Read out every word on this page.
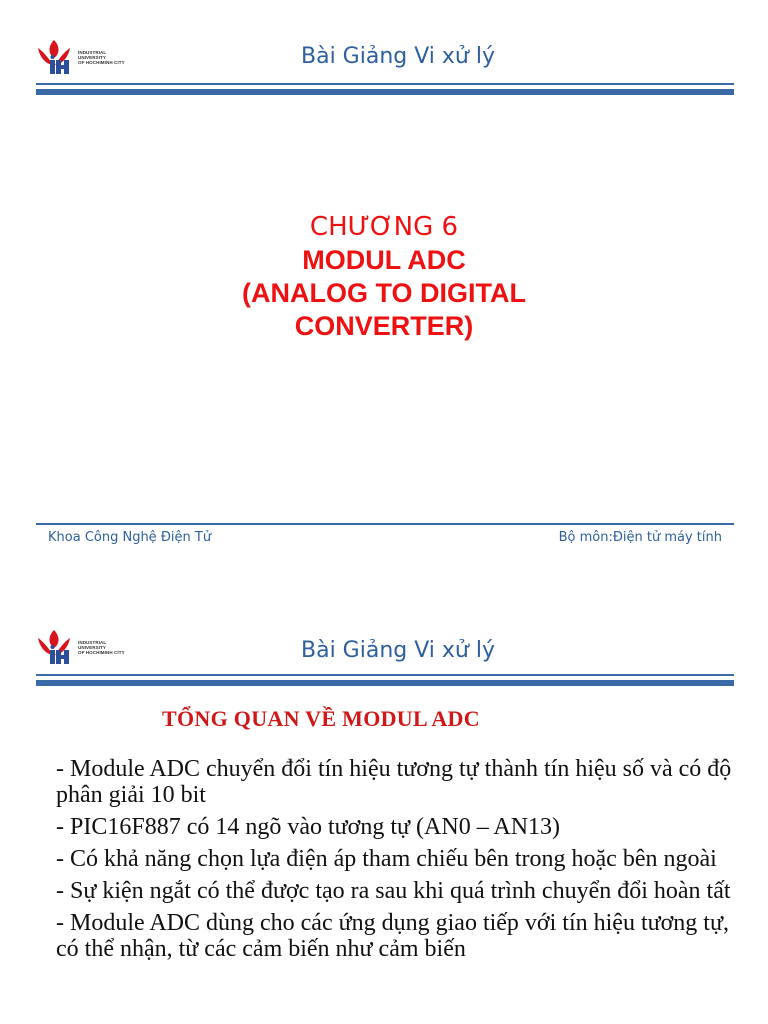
INDUSTRIAL
UNIVERSITY
OF HOCHIMINH CITY	Bài Giảng Vi xử lý
CHƯƠNG 6
MODUL ADC
(ANALOG TO DIGITAL
CONVERTER)
Khoa Công Nghệ Điện Tử	Bộ môn:Điện tử máy tính
INDUSTRIAL
UNIVERSITY
OF HOCHIMINH CITY	Bài Giảng Vi xử lý
TỔNG QUAN VỀ MODUL ADC
- Module ADC chuyển đổi tín hiệu tương tự thành tín hiệu số và có độ phân giải 10 bit
- PIC16F887 có 14 ngõ vào tương tự (AN0 – AN13)
- Có khả năng chọn lựa điện áp tham chiếu bên trong hoặc bên ngoài
- Sự kiện ngắt có thể được tạo ra sau khi quá trình chuyển đổi hoàn tất
- Module ADC dùng cho các ứng dụng giao tiếp với tín hiệu tương tự, có thể nhận, từ các cảm biến như cảm biến
